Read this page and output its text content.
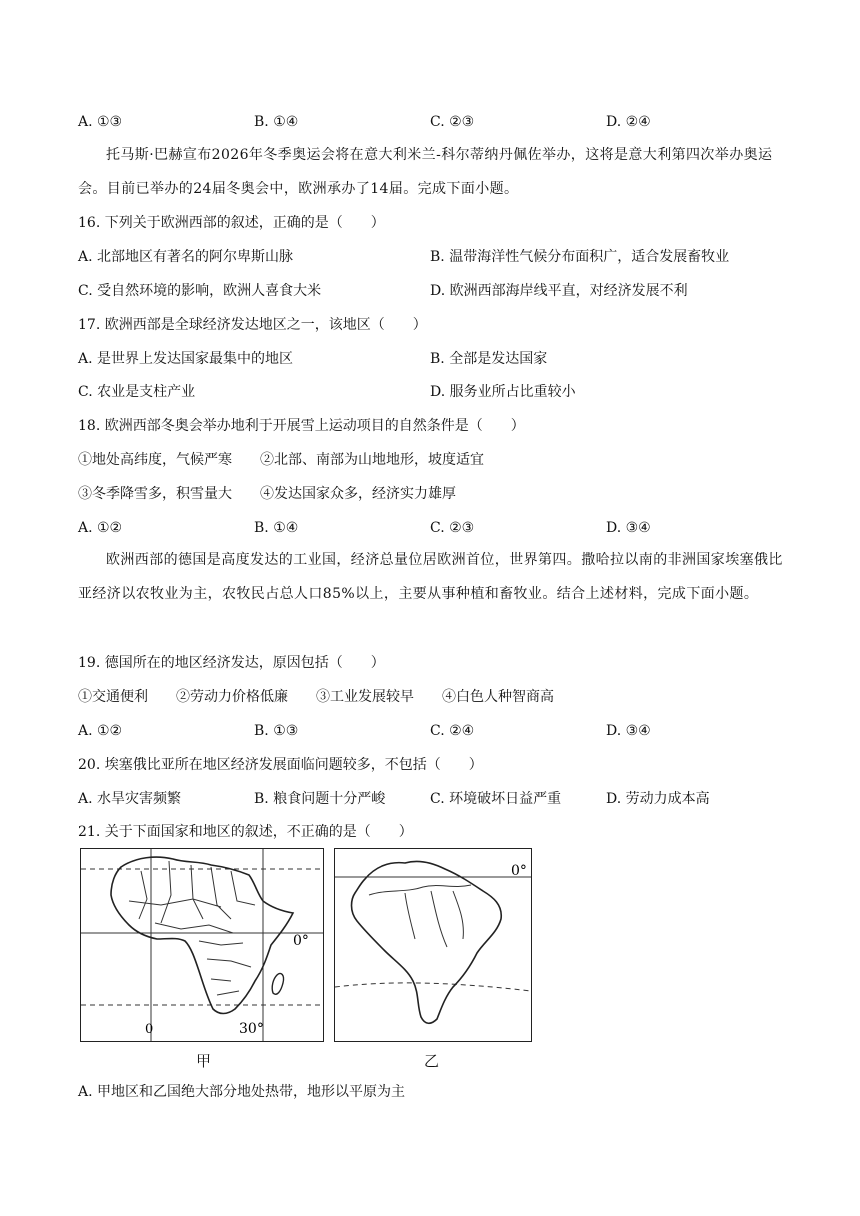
A. ①③	B. ①④	C. ②③	D. ②④
托马斯·巴赫宣布2026年冬季奥运会将在意大利米兰-科尔蒂纳丹佩佐举办，这将是意大利第四次举办奥运会。目前已举办的24届冬奥会中，欧洲承办了14届。完成下面小题。
16. 下列关于欧洲西部的叙述，正确的是（　　）
A. 北部地区有著名的阿尔卑斯山脉	B. 温带海洋性气候分布面积广，适合发展畜牧业
C. 受自然环境的影响，欧洲人喜食大米	D. 欧洲西部海岸线平直，对经济发展不利
17. 欧洲西部是全球经济发达地区之一，该地区（　　）
A. 是世界上发达国家最集中的地区	B. 全部是发达国家
C. 农业是支柱产业	D. 服务业所占比重较小
18. 欧洲西部冬奥会举办地利于开展雪上运动项目的自然条件是（　　）
①地处高纬度，气候严寒　　②北部、南部为山地地形，坡度适宜
③冬季降雪多，积雪量大　　④发达国家众多，经济实力雄厚
A. ①②	B. ①④	C. ②③	D. ③④
欧洲西部的德国是高度发达的工业国，经济总量位居欧洲首位，世界第四。撒哈拉以南的非洲国家埃塞俄比亚经济以农牧业为主，农牧民占总人口85%以上，主要从事种植和畜牧业。结合上述材料，完成下面小题。
19. 德国所在的地区经济发达，原因包括（　　）
①交通便利　　②劳动力价格低廉　　③工业发展较早　　④白色人种智商高
A. ①②	B. ①③	C. ②④	D. ③④
20. 埃塞俄比亚所在地区经济发展面临问题较多，不包括（　　）
A. 水旱灾害频繁	B. 粮食问题十分严峻	C. 环境破坏日益严重	D. 劳动力成本高
21. 关于下面国家和地区的叙述，不正确的是（　　）
0°
0	30°
甲
0°
乙
A. 甲地区和乙国绝大部分地处热带，地形以平原为主
